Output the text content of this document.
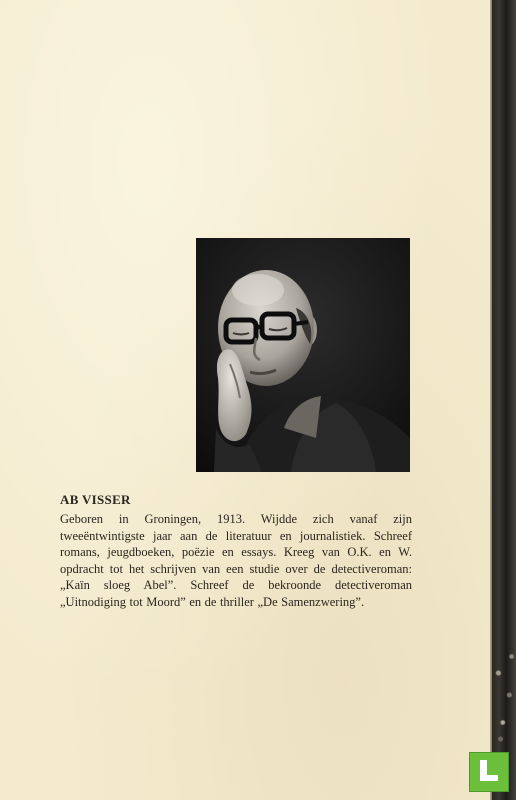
AB VISSER

Geboren in Groningen, 1913. Wijdde zich vanaf zijn tweeëntwintigste jaar aan de literatuur en journalistiek. Schreef romans, jeugdboeken, poëzie en essays. Kreeg van O.K. en W. opdracht tot het schrijven van een studie over de detectiveroman: „Kaïn sloeg Abel”. Schreef de bekroonde detectiveroman „Uitnodiging tot Moord” en de thriller „De Samenzwering”.
